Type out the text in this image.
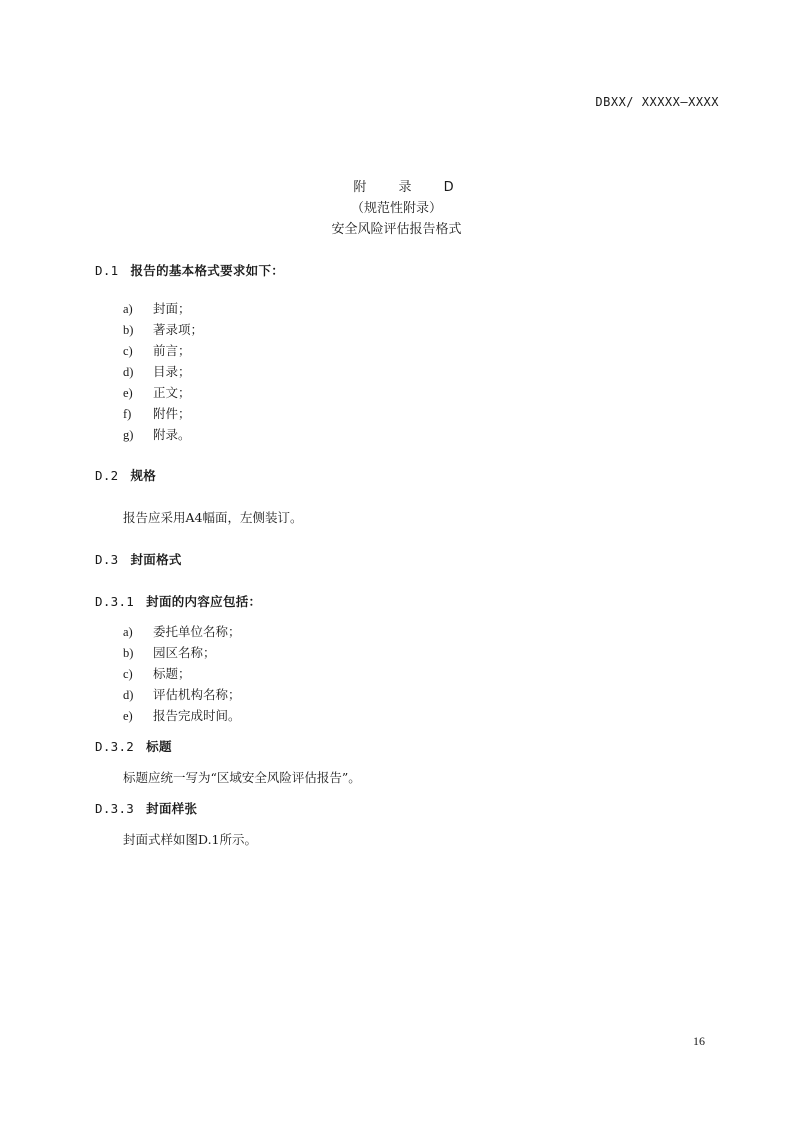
DBXX/ XXXXX—XXXX
附 录 D
（规范性附录）
安全风险评估报告格式
D.1 报告的基本格式要求如下：
a) 封面；
b) 著录项；
c) 前言；
d) 目录；
e) 正文；
f) 附件；
g) 附录。
D.2 规格
报告应采用A4幅面，左侧装订。
D.3 封面格式
D.3.1 封面的内容应包括：
a) 委托单位名称；
b) 园区名称；
c) 标题；
d) 评估机构名称；
e) 报告完成时间。
D.3.2 标题
标题应统一写为“区域安全风险评估报告”。
D.3.3 封面样张
封面式样如图D.1所示。
16
